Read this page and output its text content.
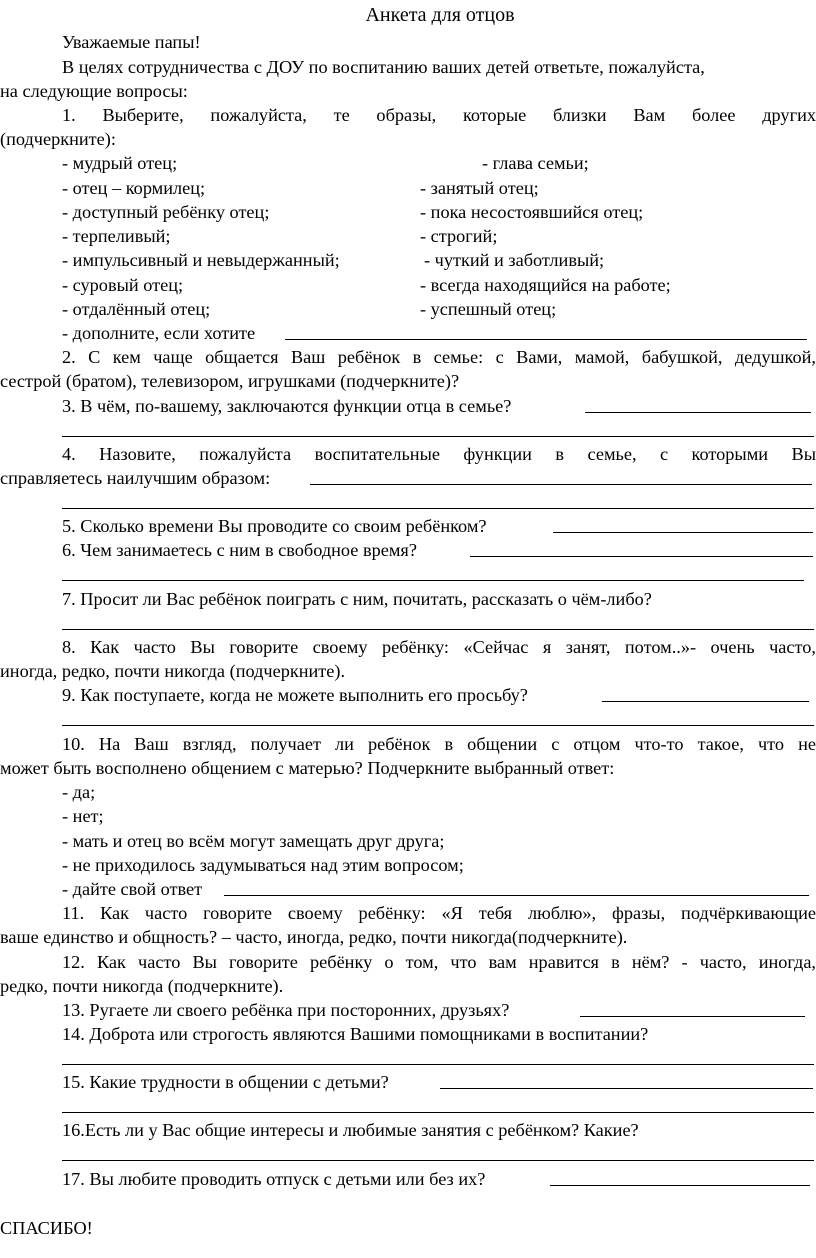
Анкета для отцов
Уважаемые папы!
В целях сотрудничества с ДОУ по воспитанию ваших детей ответьте, пожалуйста,
на следующие вопросы:
1. Выберите, пожалуйста, те образы, которые близки Вам более других
(подчеркните):
- мудрый отец;	- глава семьи;
- отец – кормилец;	- занятый отец;
- доступный ребёнку отец;	- пока несостоявшийся отец;
- терпеливый;	- строгий;
- импульсивный и невыдержанный;	- чуткий и заботливый;
- суровый отец;	- всегда находящийся на работе;
- отдалённый отец;	- успешный отец;
- дополните, если хотите
2. С кем чаще общается Ваш ребёнок в семье: с Вами, мамой, бабушкой, дедушкой,
сестрой (братом), телевизором, игрушками (подчеркните)?
3. В чём, по-вашему, заключаются функции отца в семье?
4. Назовите, пожалуйста воспитательные функции в семье, с которыми Вы
справляетесь наилучшим образом:
5. Сколько времени Вы проводите со своим ребёнком?
6. Чем занимаетесь с ним в свободное время?
7. Просит ли Вас ребёнок поиграть с ним, почитать, рассказать о чём-либо?
8. Как часто Вы говорите своему ребёнку: «Сейчас я занят, потом..»- очень часто,
иногда, редко, почти никогда (подчеркните).
9. Как поступаете, когда не можете выполнить его просьбу?
10. На Ваш взгляд, получает ли ребёнок в общении с отцом что-то такое, что не
может быть восполнено общением с матерью? Подчеркните выбранный ответ:
- да;
- нет;
- мать и отец во всём могут замещать друг друга;
- не приходилось задумываться над этим вопросом;
- дайте свой ответ
11. Как часто говорите своему ребёнку: «Я тебя люблю», фразы, подчёркивающие
ваше единство и общность? – часто, иногда, редко, почти никогда(подчеркните).
12. Как часто Вы говорите ребёнку о том, что вам нравится в нём? - часто, иногда,
редко, почти никогда (подчеркните).
13. Ругаете ли своего ребёнка при посторонних, друзьях?
14. Доброта или строгость являются Вашими помощниками в воспитании?
15. Какие трудности в общении с детьми?
16.Есть ли у Вас общие интересы и любимые занятия с ребёнком? Какие?
17. Вы любите проводить отпуск с детьми или без их?
СПАСИБО!
